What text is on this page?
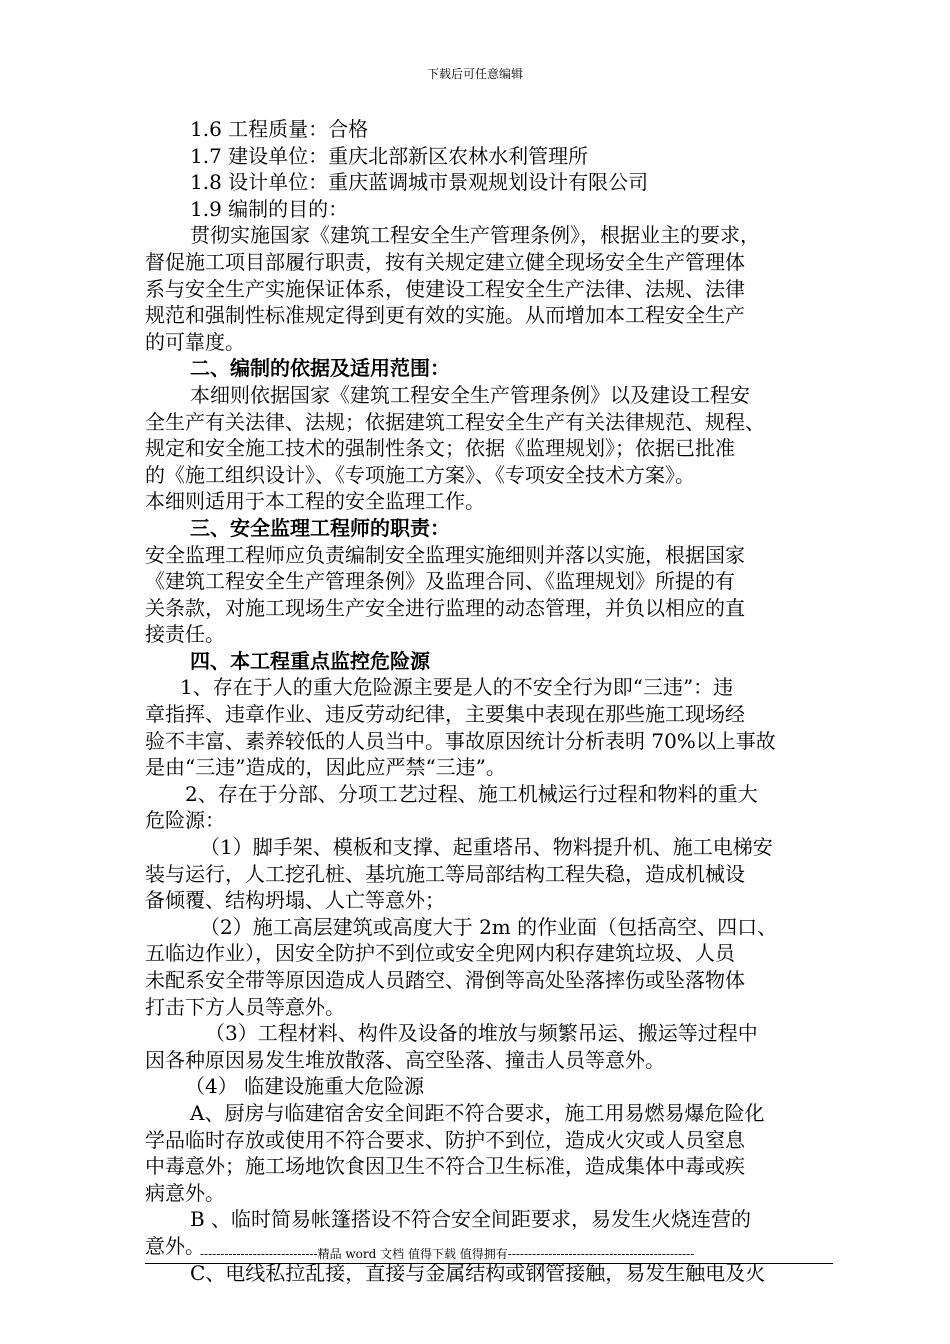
下载后可任意编辑
1.6 工程质量：合格
1.7 建设单位：重庆北部新区农林水利管理所
1.8 设计单位：重庆蓝调城市景观规划设计有限公司
1.9 编制的目的：
贯彻实施国家《建筑工程安全生产管理条例》，根据业主的要求，
督促施工项目部履行职责，按有关规定建立健全现场安全生产管理体
系与安全生产实施保证体系，使建设工程安全生产法律、法规、法律
规范和强制性标准规定得到更有效的实施。从而增加本工程安全生产
的可靠度。
二、编制的依据及适用范围：
本细则依据国家《建筑工程安全生产管理条例》以及建设工程安
全生产有关法律、法规；依据建筑工程安全生产有关法律规范、规程、
规定和安全施工技术的强制性条文；依据《监理规划》；依据已批准
的《施工组织设计》、《专项施工方案》、《专项安全技术方案》。
本细则适用于本工程的安全监理工作。
三、安全监理工程师的职责：
安全监理工程师应负责编制安全监理实施细则并落以实施，根据国家
《建筑工程安全生产管理条例》及监理合同、《监理规划》所提的有
关条款，对施工现场生产安全进行监理的动态管理，并负以相应的直
接责任。
四、本工程重点监控危险源
1、存在于人的重大危险源主要是人的不安全行为即“三违”：违
章指挥、违章作业、违反劳动纪律，主要集中表现在那些施工现场经
验不丰富、素养较低的人员当中。事故原因统计分析表明 70%以上事故
是由“三违”造成的，因此应严禁“三违”。
2、存在于分部、分项工艺过程、施工机械运行过程和物料的重大
危险源：
（1）脚手架、模板和支撑、起重塔吊、物料提升机、施工电梯安
装与运行，人工挖孔桩、基坑施工等局部结构工程失稳，造成机械设
备倾覆、结构坍塌、人亡等意外；
（2）施工高层建筑或高度大于 2m 的作业面（包括高空、四口、
五临边作业），因安全防护不到位或安全兜网内积存建筑垃圾、人员
未配系安全带等原因造成人员踏空、滑倒等高处坠落摔伤或坠落物体
打击下方人员等意外。
（3）工程材料、构件及设备的堆放与频繁吊运、搬运等过程中
因各种原因易发生堆放散落、高空坠落、撞击人员等意外。
（4） 临建设施重大危险源
A、厨房与临建宿舍安全间距不符合要求，施工用易燃易爆危险化
学品临时存放或使用不符合要求、防护不到位，造成火灾或人员窒息
中毒意外；施工场地饮食因卫生不符合卫生标准，造成集体中毒或疾
病意外。
B 、临时简易帐篷搭设不符合安全间距要求，易发生火烧连营的
意外。
C、电线私拉乱接，直接与金属结构或钢管接触，易发生触电及火
-----------------------------精品 word 文档 值得下载 值得拥有----------------------------------------------
